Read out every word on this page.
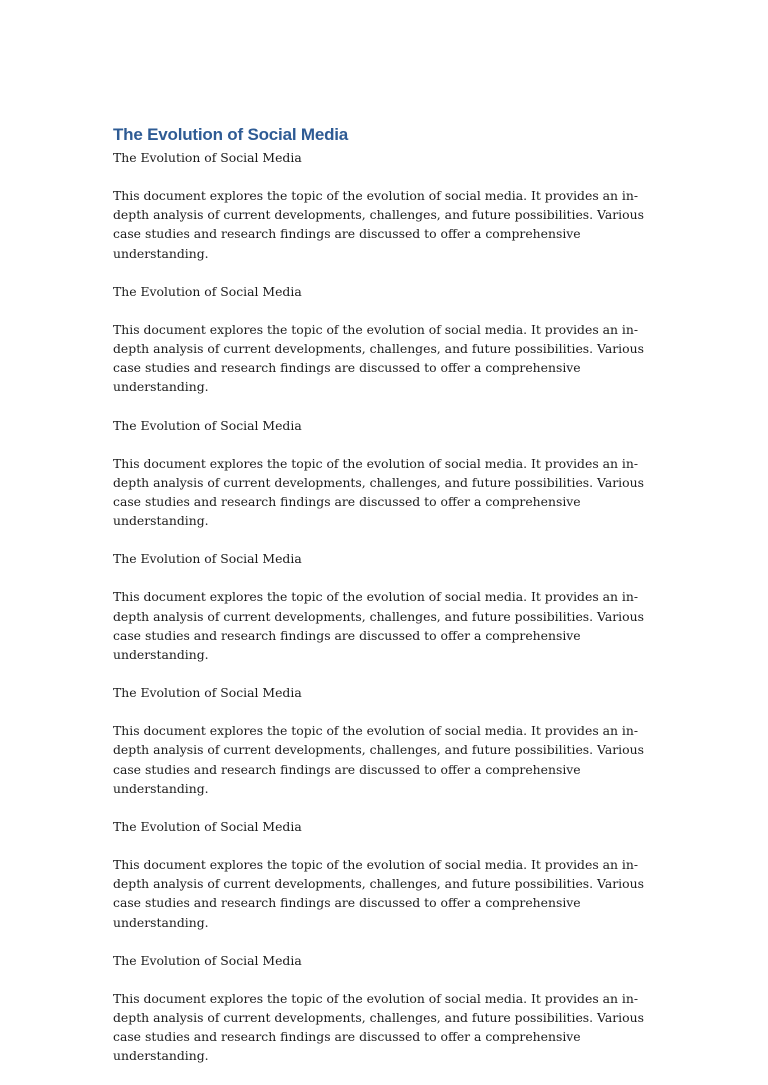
The Evolution of Social Media

The Evolution of Social Media

This document explores the topic of the evolution of social media. It provides an in-depth analysis of current developments, challenges, and future possibilities. Various case studies and research findings are discussed to offer a comprehensive understanding.

The Evolution of Social Media

This document explores the topic of the evolution of social media. It provides an in-depth analysis of current developments, challenges, and future possibilities. Various case studies and research findings are discussed to offer a comprehensive understanding.

The Evolution of Social Media

This document explores the topic of the evolution of social media. It provides an in-depth analysis of current developments, challenges, and future possibilities. Various case studies and research findings are discussed to offer a comprehensive understanding.

The Evolution of Social Media

This document explores the topic of the evolution of social media. It provides an in-depth analysis of current developments, challenges, and future possibilities. Various case studies and research findings are discussed to offer a comprehensive understanding.

The Evolution of Social Media

This document explores the topic of the evolution of social media. It provides an in-depth analysis of current developments, challenges, and future possibilities. Various case studies and research findings are discussed to offer a comprehensive understanding.

The Evolution of Social Media

This document explores the topic of the evolution of social media. It provides an in-depth analysis of current developments, challenges, and future possibilities. Various case studies and research findings are discussed to offer a comprehensive understanding.

The Evolution of Social Media

This document explores the topic of the evolution of social media. It provides an in-depth analysis of current developments, challenges, and future possibilities. Various case studies and research findings are discussed to offer a comprehensive understanding.
